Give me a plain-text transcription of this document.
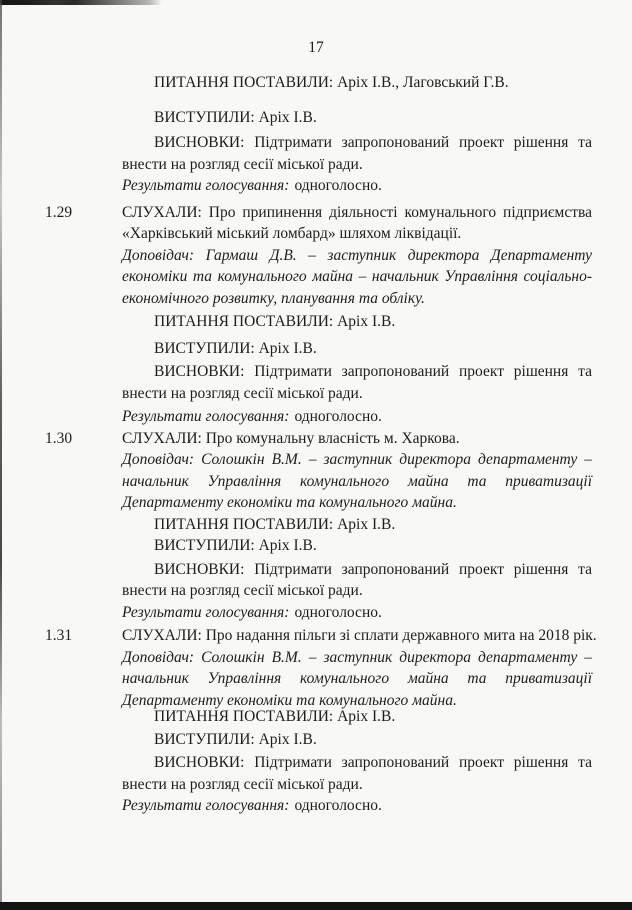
17
ПИТАННЯ ПОСТАВИЛИ: Аріх І.В., Лаговський Г.В.
ВИСТУПИЛИ: Аріх І.В.
ВИСНОВКИ: Підтримати запропонований проект рішення та
внести на розгляд сесії міської ради.
Результати голосування: одноголосно.
1.29	СЛУХАЛИ: Про припинення діяльності комунального підприємства
«Харківський міський ломбард» шляхом ліквідації.
Доповідач: Гармаш Д.В. – заступник директора Департаменту
економіки та комунального майна – начальник Управління соціально-
економічного розвитку, планування та обліку.
ПИТАННЯ ПОСТАВИЛИ: Аріх І.В.
ВИСТУПИЛИ: Аріх І.В.
ВИСНОВКИ: Підтримати запропонований проект рішення та
внести на розгляд сесії міської ради.
Результати голосування: одноголосно.
1.30	СЛУХАЛИ: Про комунальну власність м. Харкова.
Доповідач: Солошкін В.М. – заступник директора департаменту –
начальник Управління комунального майна та приватизації
Департаменту економіки та комунального майна.
ПИТАННЯ ПОСТАВИЛИ: Аріх І.В.
ВИСТУПИЛИ: Аріх І.В.
ВИСНОВКИ: Підтримати запропонований проект рішення та
внести на розгляд сесії міської ради.
Результати голосування: одноголосно.
1.31	СЛУХАЛИ: Про надання пільги зі сплати державного мита на 2018 рік.
Доповідач: Солошкін В.М. – заступник директора департаменту –
начальник Управління комунального майна та приватизації
Департаменту економіки та комунального майна.
ПИТАННЯ ПОСТАВИЛИ: Аріх І.В.
ВИСТУПИЛИ: Аріх І.В.
ВИСНОВКИ: Підтримати запропонований проект рішення та
внести на розгляд сесії міської ради.
Результати голосування: одноголосно.
